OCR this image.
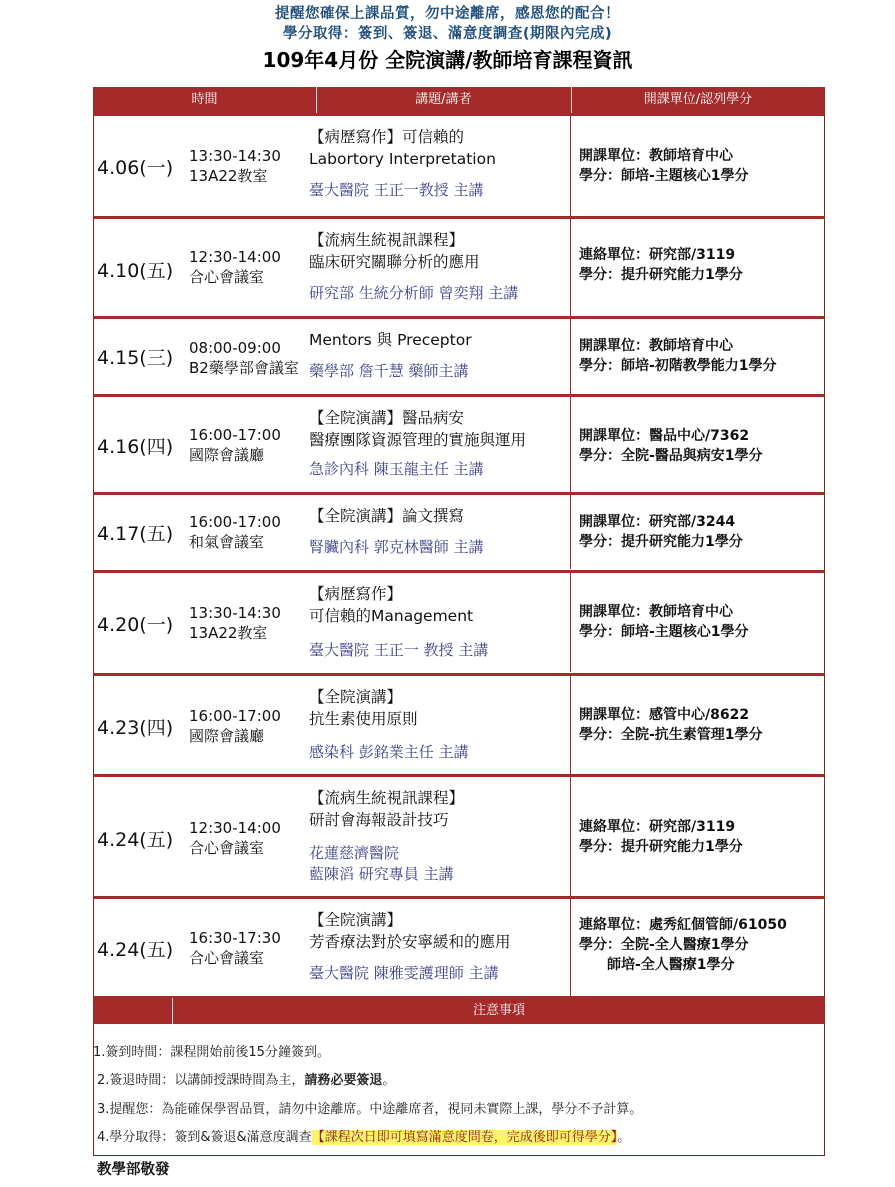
提醒您確保上課品質，勿中途離席，感恩您的配合！
學分取得：簽到、簽退、滿意度調查(期限內完成)
109年4月份 全院演講/教師培育課程資訊
時間	講題/講者	開課單位/認列學分
4.06(一)
13:30-14:30
13A22教室
【病歷寫作】可信賴的
Labortory Interpretation
臺大醫院 王正一教授 主講
開課單位：教師培育中心
學分：師培-主題核心1學分
4.10(五)
12:30-14:00
合心會議室
【流病生統視訊課程】
臨床研究關聯分析的應用
研究部 生統分析師 曾奕翔 主講
連絡單位：研究部/3119
學分：提升研究能力1學分
4.15(三) 08:00-09:00
B2藥學部會議室
Mentors 與 Preceptor
藥學部 詹千慧 藥師主講
開課單位：教師培育中心
學分：師培-初階教學能力1學分
4.16(四)
16:00-17:00
國際會議廳
【全院演講】醫品病安
醫療團隊資源管理的實施與運用
急診內科 陳玉龍主任 主講
開課單位：醫品中心/7362
學分：全院-醫品與病安1學分
4.17(五)
16:00-17:00
和氣會議室
【全院演講】論文撰寫
腎臟內科 郭克林醫師 主講
開課單位：研究部/3244
學分：提升研究能力1學分
4.20(一)
13:30-14:30
13A22教室
【病歷寫作】
可信賴的Management
臺大醫院 王正一 教授 主講
開課單位：教師培育中心
學分：師培-主題核心1學分
4.23(四)
16:00-17:00
國際會議廳
【全院演講】
抗生素使用原則
感染科 彭銘業主任 主講
開課單位：感管中心/8622
學分：全院-抗生素管理1學分
4.24(五)
12:30-14:00
合心會議室
【流病生統視訊課程】
研討會海報設計技巧
花蓮慈濟醫院
藍陳滔 研究專員 主講
連絡單位：研究部/3119
學分：提升研究能力1學分
4.24(五)
16:30-17:30
合心會議室
【全院演講】
芳香療法對於安寧緩和的應用
臺大醫院 陳雅雯護理師 主講
連絡單位：處秀紅個管師/61050
學分：全院-全人醫療1學分
　　師培-全人醫療1學分
注意事項
1.簽到時間：課程開始前後15分鐘簽到。
2.簽退時間：以講師授課時間為主，請務必要簽退。
3.提醒您：為能確保學習品質，請勿中途離席。中途離席者，視同未實際上課，學分不予計算。
4.學分取得：簽到&簽退&滿意度調查【課程次日即可填寫滿意度問卷，完成後即可得學分】。
教學部敬發
